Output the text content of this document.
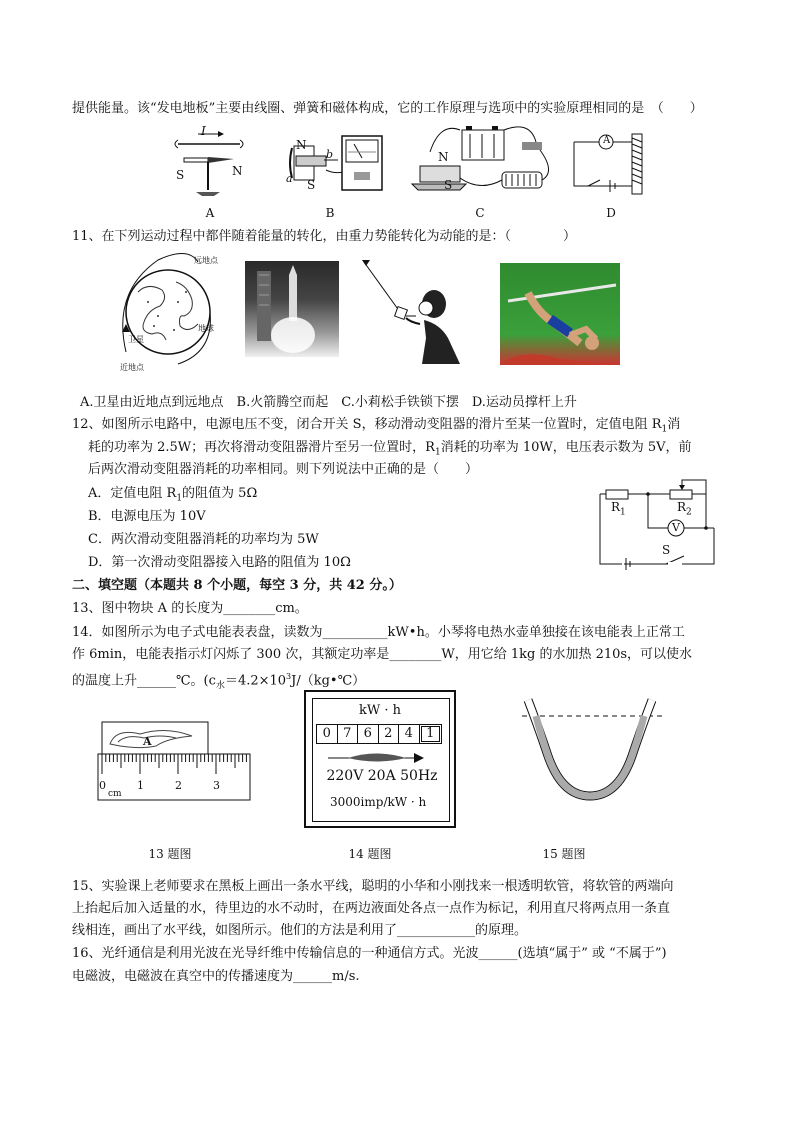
提供能量。该“发电地板”主要由线圈、弹簧和磁体构成，它的工作原理与选项中的实验原理相同的是　（　　）
I
S	N
N
S
a
b	N
S
A
A	B	C	D
11、在下列运动过程中都伴随着能量的转化，由重力势能转化为动能的是：（　　　　）
远地点
地球
卫星
近地点
A.卫星由近地点到远地点　B.火箭腾空而起　C.小莉松手铁锁下摆　D.运动员撑杆上升
12、如图所示电路中，电源电压不变，闭合开关 S，移动滑动变阻器的滑片至某一位置时，定值电阻 $R_1$消
耗的功率为 2.5W；再次将滑动变阻器滑片至另一位置时，$R_1$消耗的功率为 10W，电压表示数为 5V，前
后两次滑动变阻器消耗的功率相同。则下列说法中正确的是（　　）
A．定值电阻 $R_1$的阻值为 5Ω
B．电源电压为 10V
C．两次滑动变阻器消耗的功率均为 5W
D．第一次滑动变阻器接入电路的阻值为 10Ω
$R_1$	$R_2$
V
S
二、填空题（本题共 8 个小题，每空 3 分，共 42 分。）
13、图中物块 A 的长度为________cm。
14．如图所示为电子式电能表表盘，读数为__________kW•h。小琴将电热水壶单独接在该电能表上正常工
作 6min，电能表指示灯闪烁了 300 次，其额定功率是________W，用它给 1kg 的水加热 210s，可以使水
的温度上升______℃。($c_水=4.2\times 10^3J/(kg•℃)$
A
0	1	2	3
cm
kW · h
0 7 6 2 4	1
220V 20A 50Hz
3000imp/kW · h
13 题图	14 题图	15 题图
15、实验课上老师要求在黑板上画出一条水平线，聪明的小华和小刚找来一根透明软管，将软管的两端向
上抬起后加入适量的水，待里边的水不动时，在两边液面处各点一点作为标记，利用直尺将两点用一条直
线相连，画出了水平线，如图所示。他们的方法是利用了____________的原理。
16、光纤通信是利用光波在光导纤维中传输信息的一种通信方式。光波______(选填“属于” 或 “不属于”)
电磁波，电磁波在真空中的传播速度为______m/s.
